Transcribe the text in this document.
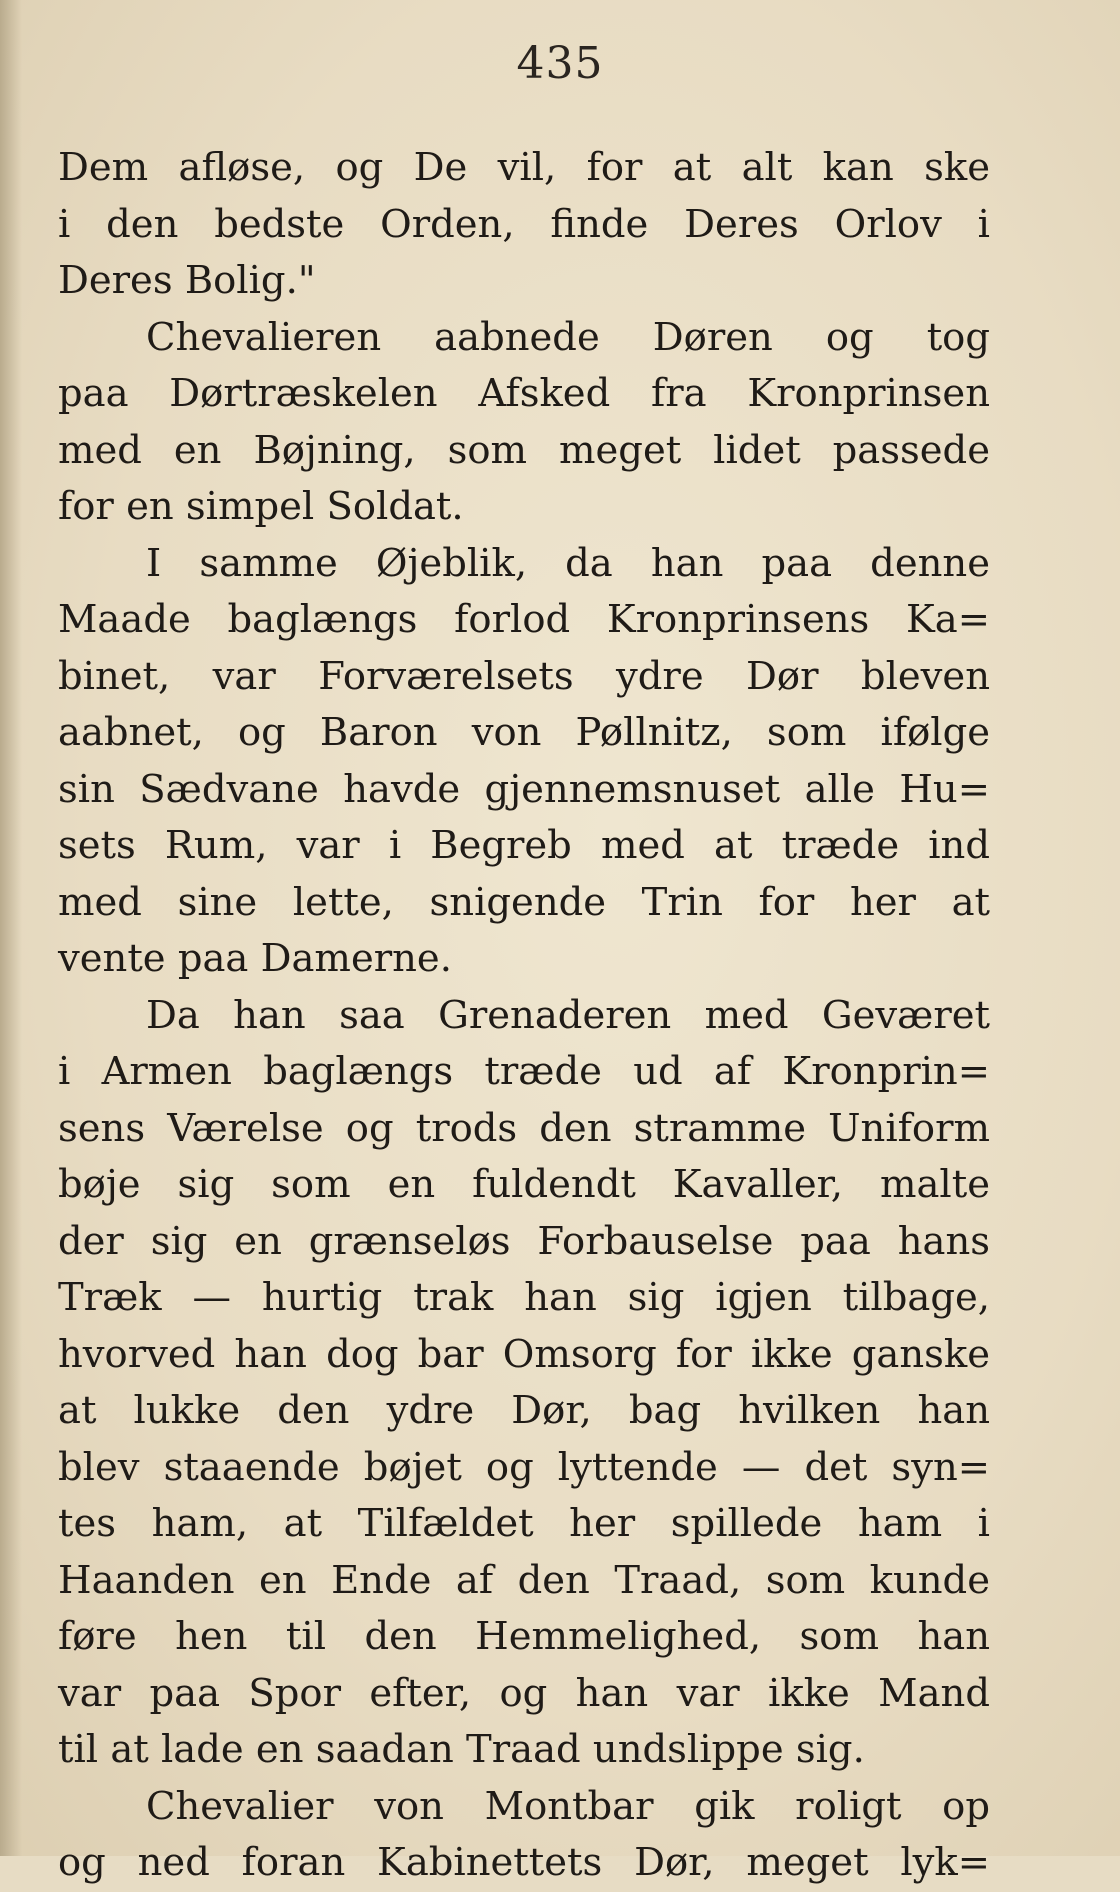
435
Dem afløse, og De vil, for at alt kan ske
i den bedste Orden, finde Deres Orlov i
Deres Bolig."
Chevalieren aabnede Døren og tog
paa Dørtræskelen Afsked fra Kronprinsen
med en Bøjning, som meget lidet passede
for en simpel Soldat.
I samme Øjeblik, da han paa denne
Maade baglængs forlod Kronprinsens Ka=
binet, var Forværelsets ydre Dør bleven
aabnet, og Baron von Pøllnitz, som ifølge
sin Sædvane havde gjennemsnuset alle Hu=
sets Rum, var i Begreb med at træde ind
med sine lette, snigende Trin for her at
vente paa Damerne.
Da han saa Grenaderen med Geværet
i Armen baglængs træde ud af Kronprin=
sens Værelse og trods den stramme Uniform
bøje sig som en fuldendt Kavaller, malte
der sig en grænseløs Forbauselse paa hans
Træk — hurtig trak han sig igjen tilbage,
hvorved han dog bar Omsorg for ikke ganske
at lukke den ydre Dør, bag hvilken han
blev staaende bøjet og lyttende — det syn=
tes ham, at Tilfældet her spillede ham i
Haanden en Ende af den Traad, som kunde
føre hen til den Hemmelighed, som han
var paa Spor efter, og han var ikke Mand
til at lade en saadan Traad undslippe sig.
Chevalier von Montbar gik roligt op
og ned foran Kabinettets Dør, meget lyk=
